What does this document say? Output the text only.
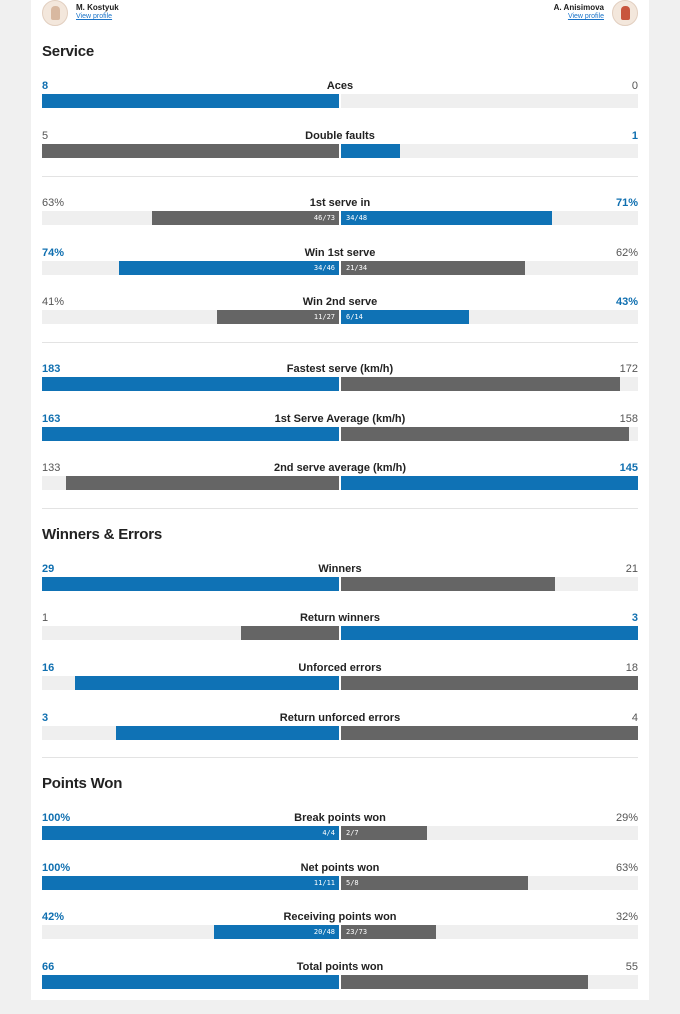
M. Kostyuk
View profile
A. Anisimova
View profile
Service
8	Aces	0
5	Double faults	1
63%	1st serve in	71%
46/73 34/48
74%	Win 1st serve	62%
34/46 21/34
41%	Win 2nd serve	43%
11/27 6/14
183	Fastest serve (km/h)	172
163	1st Serve Average (km/h)	158
133	2nd serve average (km/h)	145
Winners & Errors
29	Winners	21
1	Return winners	3
16	Unforced errors	18
3	Return unforced errors	4
Points Won
100%	Break points won	29%
4/4 2/7
100%	Net points won	63%
11/11 5/8
42%	Receiving points won	32%
20/48 23/73
66	Total points won	55
